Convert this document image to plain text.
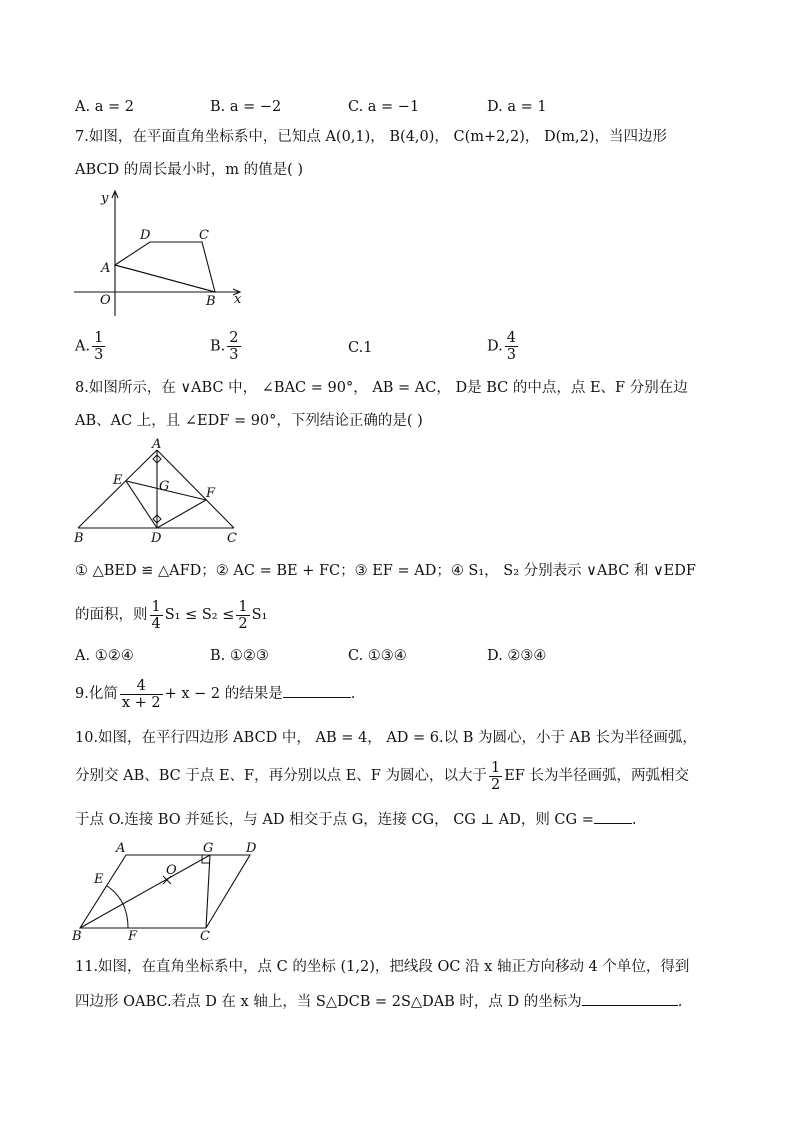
A. a = 2	B. a = −2	C. a = −1	D. a = 1
7.如图，在平面直角坐标系中，已知点 A(0,1)， B(4,0)， C(m+2,2)， D(m,2)，当四边形
ABCD 的周长最小时，m 的值是( )
y
x
O
A
B
C
D
A. $\frac{1}{3}$	B. $\frac{2}{3}$	C.1	D. $\frac{4}{3}$
8.如图所示，在 ∨ABC 中， ∠BAC = 90°， AB = AC， D是 BC 的中点，点 E、F 分别在边
AB、AC 上，且 ∠EDF = 90°，下列结论正确的是( )
A
B	C
D
E
F
G
① △BED ≌ △AFD；② AC = BE + FC；③ EF = AD；④ S₁， S₂ 分别表示 ∨ABC 和 ∨EDF
的面积，则 $\frac{1}{4} S_1 \le S_2 \le \frac{1}{2} S_1$
A. ①②④	B. ①②③	C. ①③④	D. ②③④
9.化简 $\frac{4}{x + 2} + x - 2$ 的结果是	.
10.如图，在平行四边形 ABCD 中， AB = 4， AD = 6.以 B 为圆心，小于 AB 长为半径画弧，
分别交 AB、BC 于点 E、F，再分别以点 E、F 为圆心，以大于 $\frac{1}{2}$ EF 长为半径画弧，两弧相交
于点 O.连接 BO 并延长，与 AD 相交于点 G，连接 CG， CG ⊥ AD，则 CG =	.
A
B	C
D
E
F
G
O
11.如图，在直角坐标系中，点 C 的坐标 (1,2)，把线段 OC 沿 x 轴正方向移动 4 个单位，得到
四边形 OABC.若点 D 在 x 轴上，当 S△DCB = 2S△DAB 时，点 D 的坐标为	.
